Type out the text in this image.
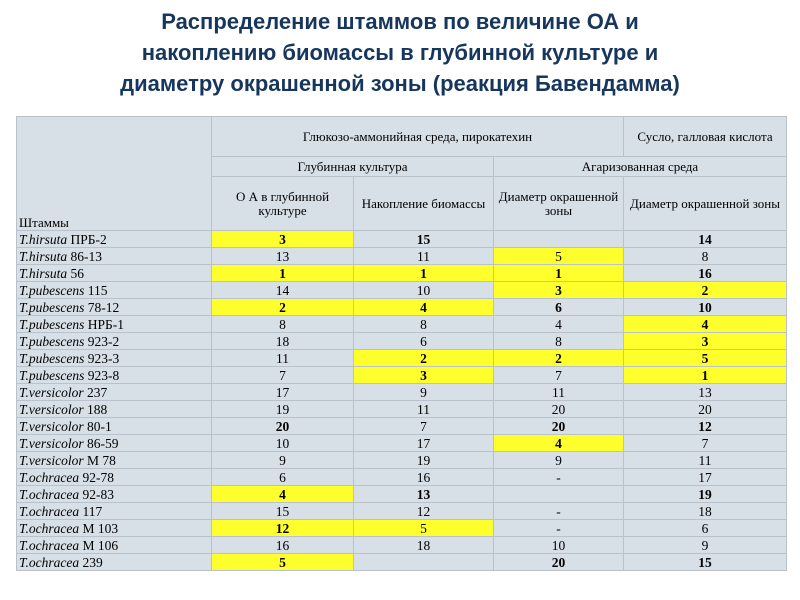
Распределение штаммов по величине ОА и
накоплению биомассы в глубинной культуре и
диаметру окрашенной зоны (реакция Бавендамма)
Штаммы	Глюкозо-аммонийная среда, пирокатехин			Сусло, галловая кислота
	Глубинная культура		Агаризованная среда	
	О А в глубинной культуре	Накопление биомассы	Диаметр окрашенной зоны	Диаметр окрашенной зоны
T.hirsuta ПРБ-2	3	15		14
T.hirsuta 86-13	13	11	5	8
T.hirsuta 56	1	1	1	16
T.pubescens 115	14	10	3	2
T.pubescens 78-12	2	4	6	10
T.pubescens НРБ-1	8	8	4	4
T.pubescens 923-2	18	6	8	3
T.pubescens 923-3	11	2	2	5
T.pubescens 923-8	7	3	7	1
T.versicolor 237	17	9	11	13
T.versicolor 188	19	11	20	20
T.versicolor 80-1	20	7	20	12
T.versicolor 86-59	10	17	4	7
T.versicolor М 78	9	19	9	11
T.ochracea 92-78	6	16	-	17
T.ochracea 92-83	4	13		19
T.ochracea 117	15	12	-	18
T.ochracea М 103	12	5	-	6
T.ochracea М 106	16	18	10	9
T.ochracea 239	5		20	15
